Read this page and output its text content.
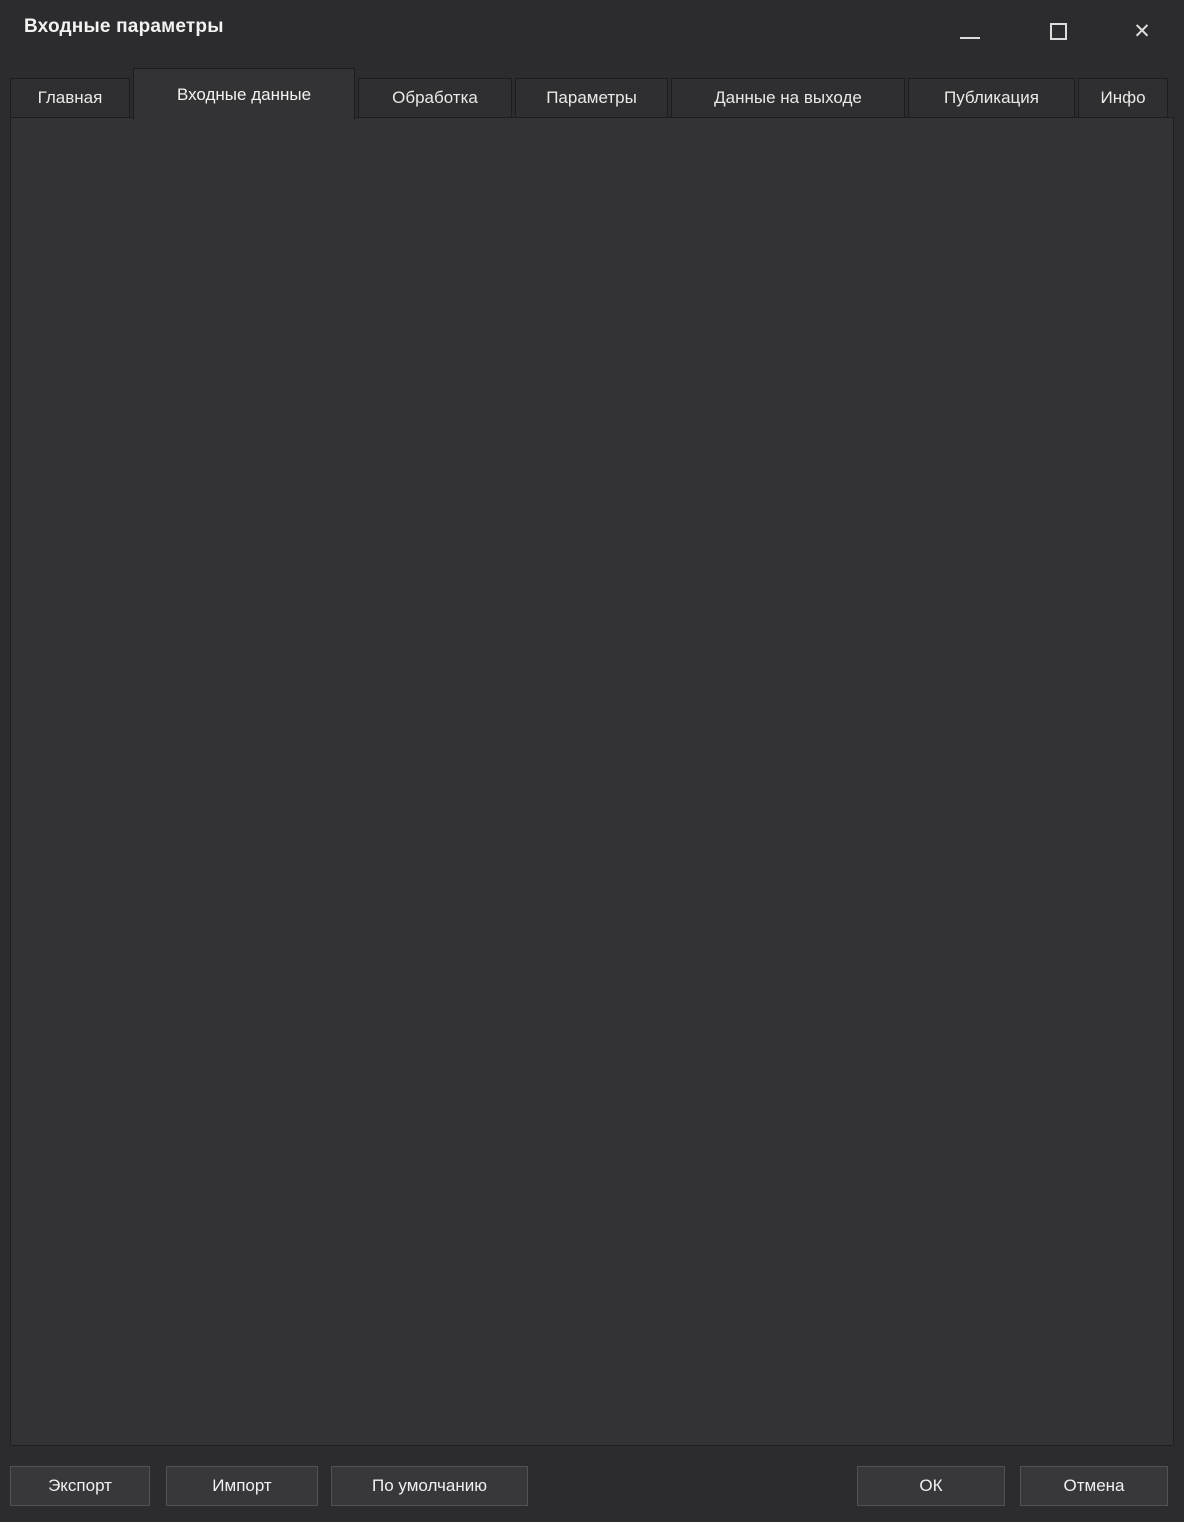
Входные параметры	✕
Главная	Входные данные	Обработка	Параметры	Данные на выходе	Публикация	Инфо
Экспорт	Импорт	По умолчанию	ОК	Отмена
